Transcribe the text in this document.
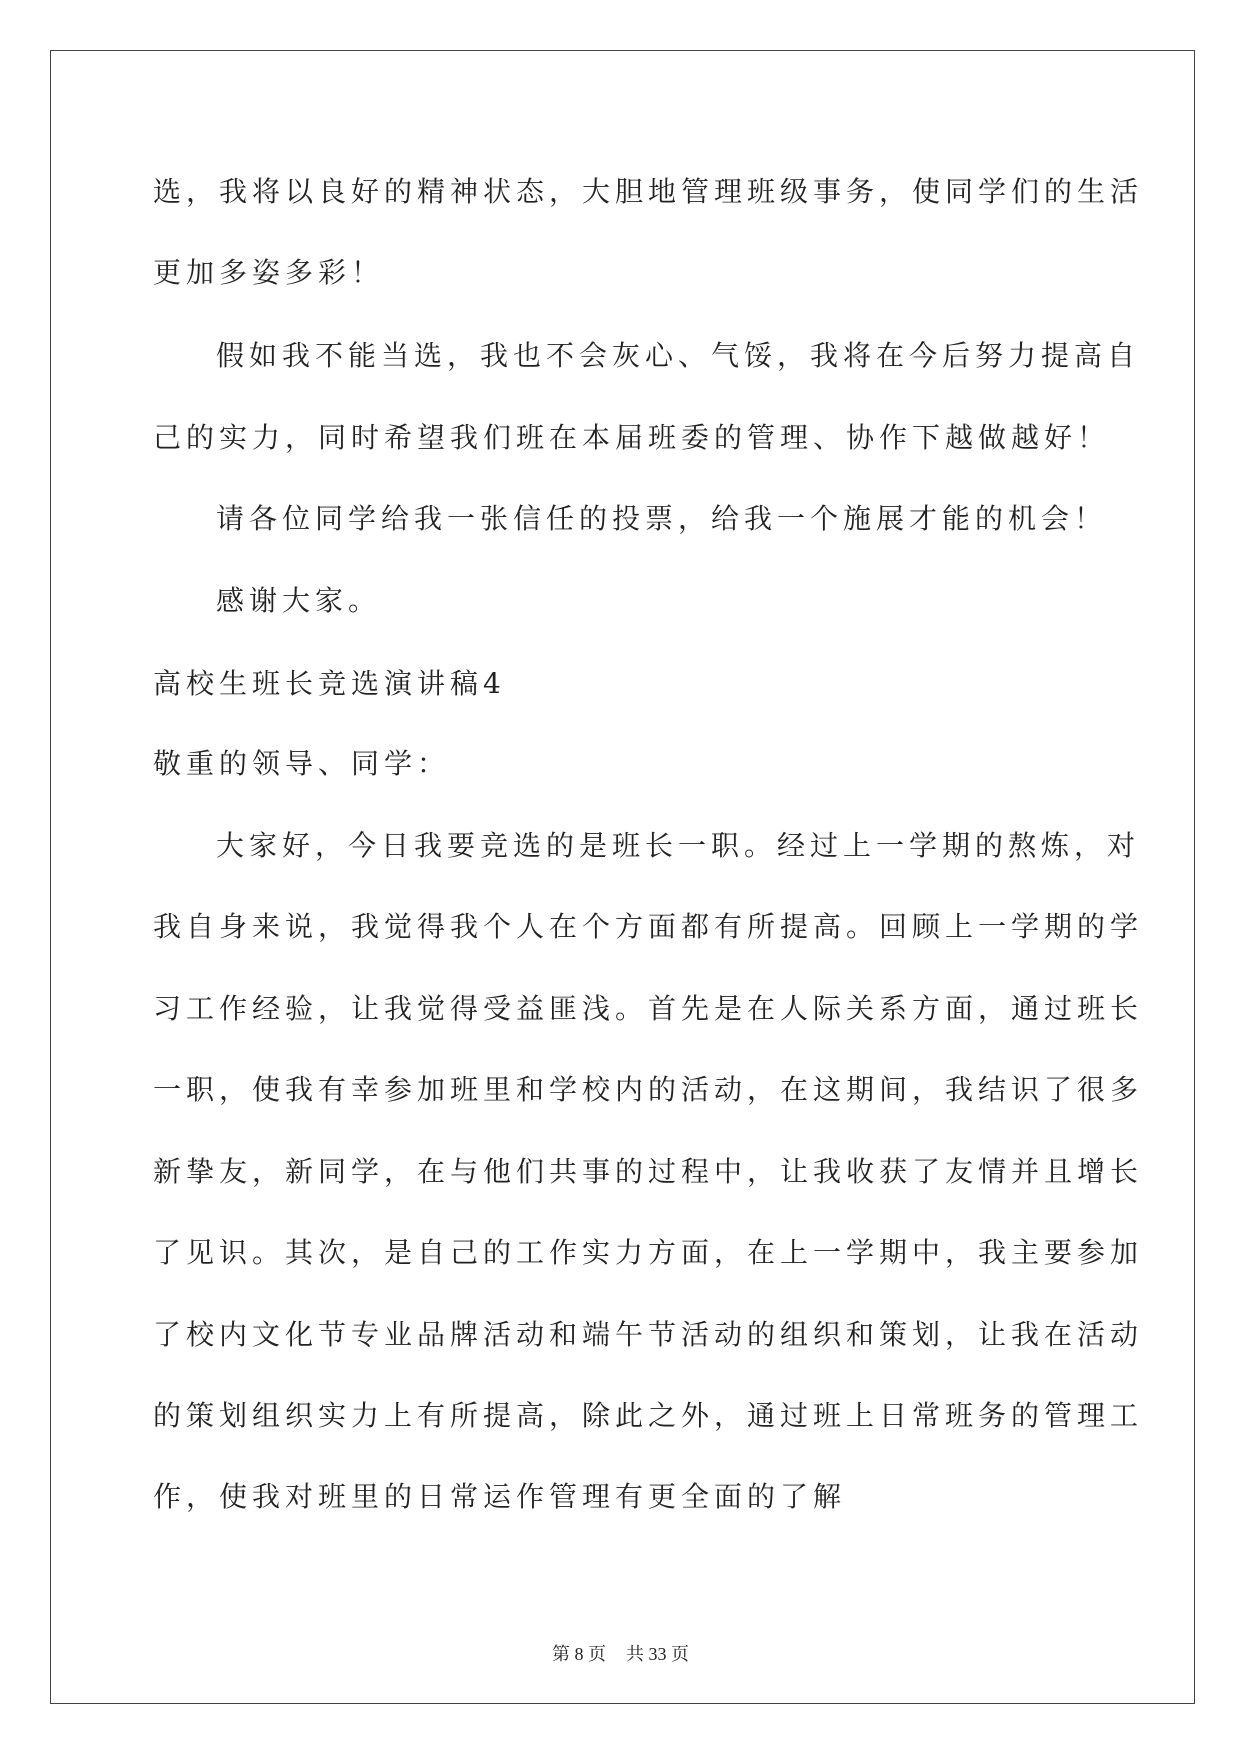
选，我将以良好的精神状态，大胆地管理班级事务，使同学们的生活
更加多姿多彩！
假如我不能当选，我也不会灰心、气馁，我将在今后努力提高自
己的实力，同时希望我们班在本届班委的管理、协作下越做越好！
请各位同学给我一张信任的投票，给我一个施展才能的机会！
感谢大家。
高校生班长竞选演讲稿4
敬重的领导、同学：
大家好，今日我要竞选的是班长一职。经过上一学期的熬炼，对
我自身来说，我觉得我个人在个方面都有所提高。回顾上一学期的学
习工作经验，让我觉得受益匪浅。首先是在人际关系方面，通过班长
一职，使我有幸参加班里和学校内的活动，在这期间，我结识了很多
新挚友，新同学，在与他们共事的过程中，让我收获了友情并且增长
了见识。其次，是自己的工作实力方面，在上一学期中，我主要参加
了校内文化节专业品牌活动和端午节活动的组织和策划，让我在活动
的策划组织实力上有所提高，除此之外，通过班上日常班务的管理工
作，使我对班里的日常运作管理有更全面的了解
第 8 页 共 33 页
